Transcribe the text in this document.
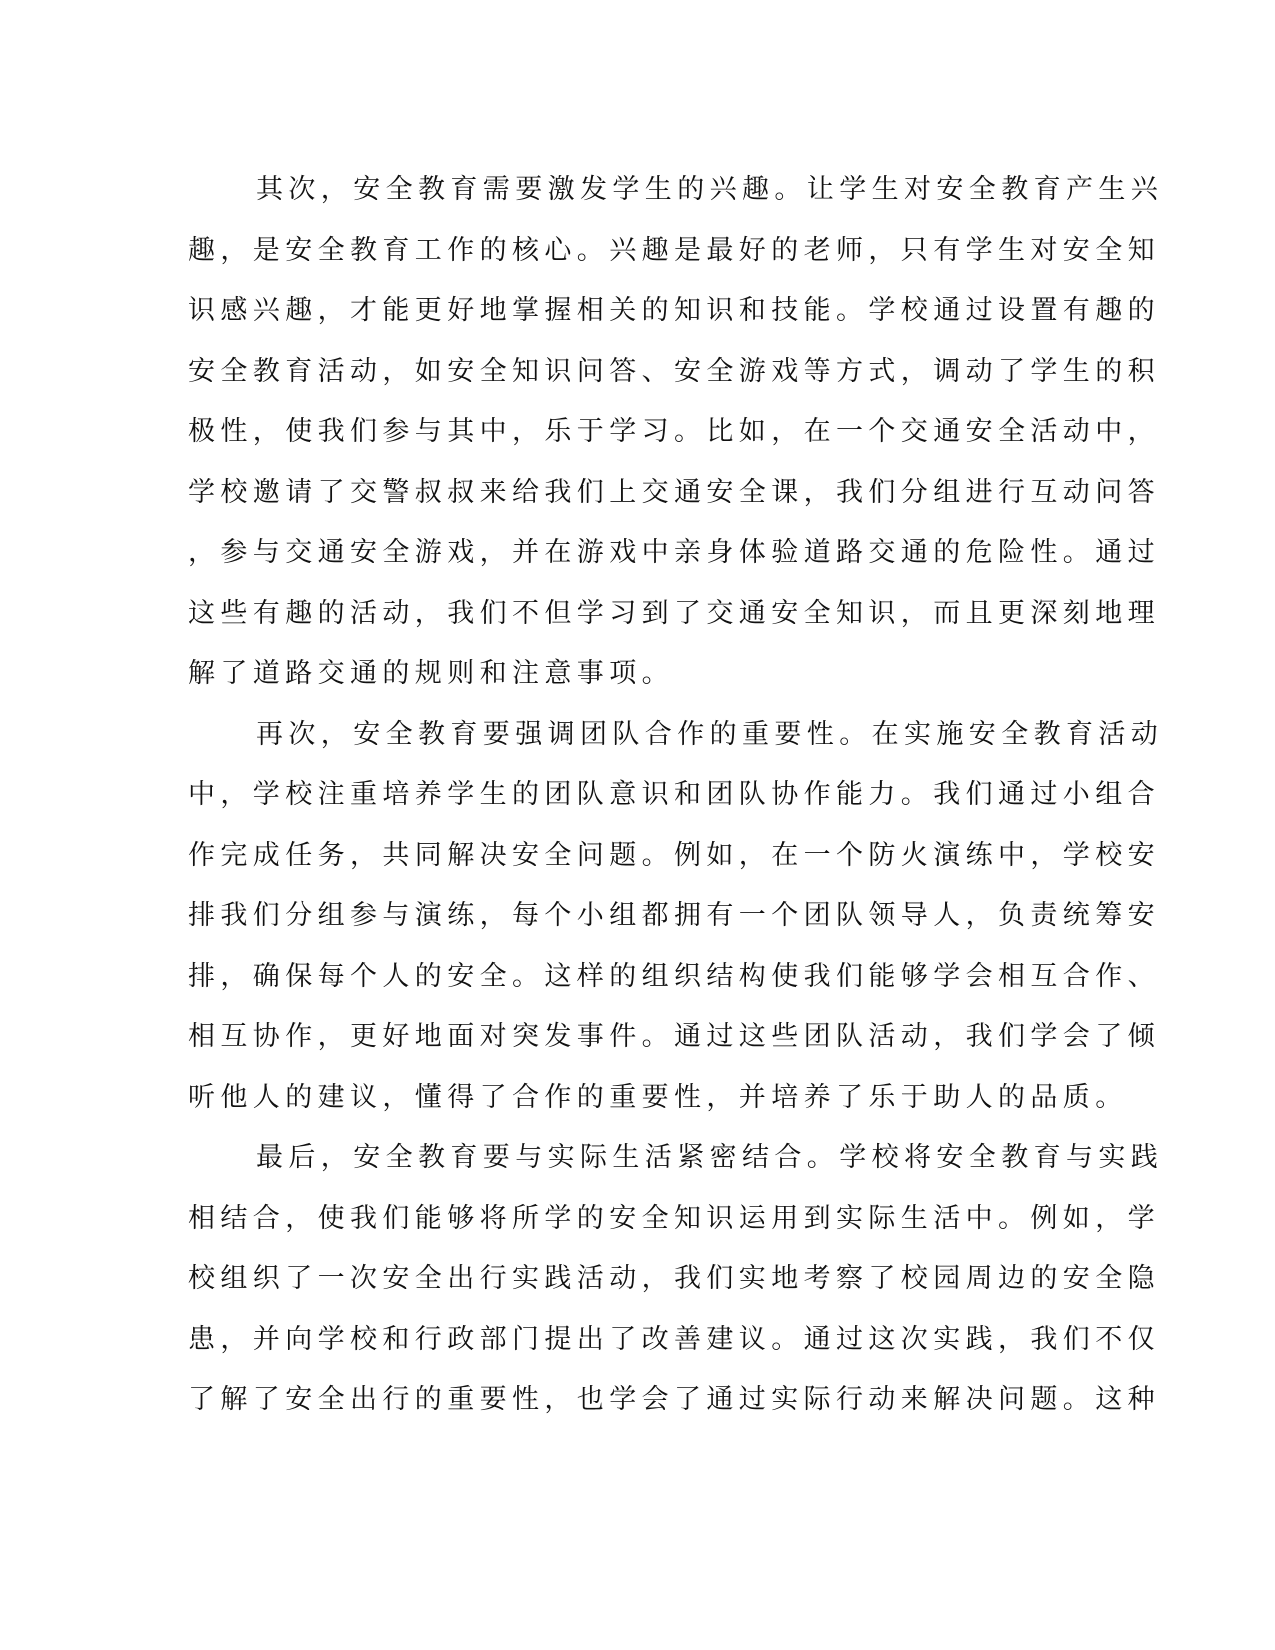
其次，安全教育需要激发学生的兴趣。让学生对安全教育产生兴
趣，是安全教育工作的核心。兴趣是最好的老师，只有学生对安全知
识感兴趣，才能更好地掌握相关的知识和技能。学校通过设置有趣的
安全教育活动，如安全知识问答、安全游戏等方式，调动了学生的积
极性，使我们参与其中，乐于学习。比如，在一个交通安全活动中，
学校邀请了交警叔叔来给我们上交通安全课，我们分组进行互动问答
，参与交通安全游戏，并在游戏中亲身体验道路交通的危险性。通过
这些有趣的活动，我们不但学习到了交通安全知识，而且更深刻地理
解了道路交通的规则和注意事项。
再次，安全教育要强调团队合作的重要性。在实施安全教育活动
中，学校注重培养学生的团队意识和团队协作能力。我们通过小组合
作完成任务，共同解决安全问题。例如，在一个防火演练中，学校安
排我们分组参与演练，每个小组都拥有一个团队领导人，负责统筹安
排，确保每个人的安全。这样的组织结构使我们能够学会相互合作、
相互协作，更好地面对突发事件。通过这些团队活动，我们学会了倾
听他人的建议，懂得了合作的重要性，并培养了乐于助人的品质。
最后，安全教育要与实际生活紧密结合。学校将安全教育与实践
相结合，使我们能够将所学的安全知识运用到实际生活中。例如，学
校组织了一次安全出行实践活动，我们实地考察了校园周边的安全隐
患，并向学校和行政部门提出了改善建议。通过这次实践，我们不仅
了解了安全出行的重要性，也学会了通过实际行动来解决问题。这种
